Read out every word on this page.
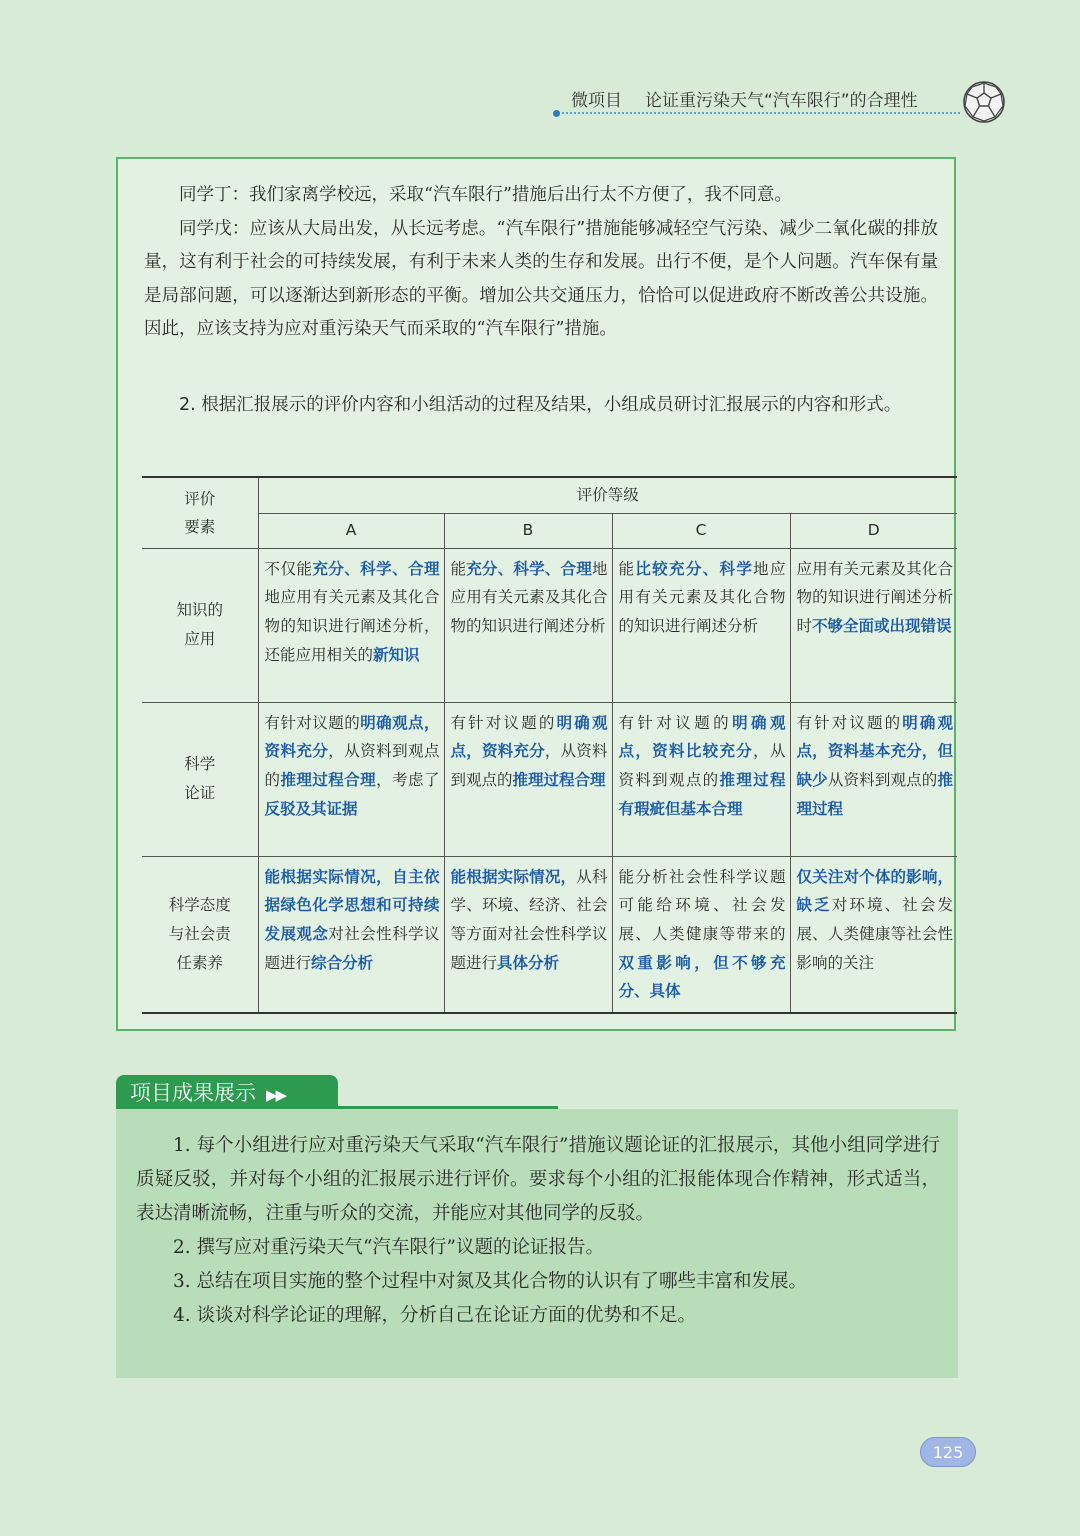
微项目 论证重污染天气“汽车限行”的合理性

同学丁：我们家离学校远，采取“汽车限行”措施后出行太不方便了，我不同意。

同学戊：应该从大局出发，从长远考虑。“汽车限行”措施能够减轻空气污染、减少二氧化碳的排放量，这有利于社会的可持续发展，有利于未来人类的生存和发展。出行不便，是个人问题。汽车保有量是局部问题，可以逐渐达到新形态的平衡。增加公共交通压力，恰恰可以促进政府不断改善公共设施。因此，应该支持为应对重污染天气而采取的“汽车限行”措施。

2. 根据汇报展示的评价内容和小组活动的过程及结果，小组成员研讨汇报展示的内容和形式。
评价
要素	评价等级			
	A	B	C	D
知识的
应用	不仅能充分、科学、合理地应用有关元素及其化合物的知识进行阐述分析，还能应用相关的新知识	能充分、科学、合理地应用有关元素及其化合物的知识进行阐述分析	能比较充分、科学地应用有关元素及其化合物的知识进行阐述分析	应用有关元素及其化合物的知识进行阐述分析时不够全面或出现错误
科学
论证	有针对议题的明确观点，资料充分，从资料到观点的推理过程合理，考虑了反驳及其证据	有针对议题的明确观点，资料充分，从资料到观点的推理过程合理	有针对议题的明确观点，资料比较充分，从资料到观点的推理过程有瑕疵但基本合理	有针对议题的明确观点，资料基本充分，但缺少从资料到观点的推理过程
科学态度
与社会责
任素养	能根据实际情况，自主依据绿色化学思想和可持续发展观念对社会性科学议题进行综合分析	能根据实际情况，从科学、环境、经济、社会等方面对社会性科学议题进行具体分析	能分析社会性科学议题可能给环境、社会发展、人类健康等带来的双重影响，但不够充分、具体	仅关注对个体的影响，缺乏对环境、社会发展、人类健康等社会性影响的关注
项目成果展示 ▶▶

1. 每个小组进行应对重污染天气采取“汽车限行”措施议题论证的汇报展示，其他小组同学进行质疑反驳，并对每个小组的汇报展示进行评价。要求每个小组的汇报能体现合作精神，形式适当，表达清晰流畅，注重与听众的交流，并能应对其他同学的反驳。

2. 撰写应对重污染天气“汽车限行”议题的论证报告。

3. 总结在项目实施的整个过程中对氮及其化合物的认识有了哪些丰富和发展。

4. 谈谈对科学论证的理解，分析自己在论证方面的优势和不足。

125
